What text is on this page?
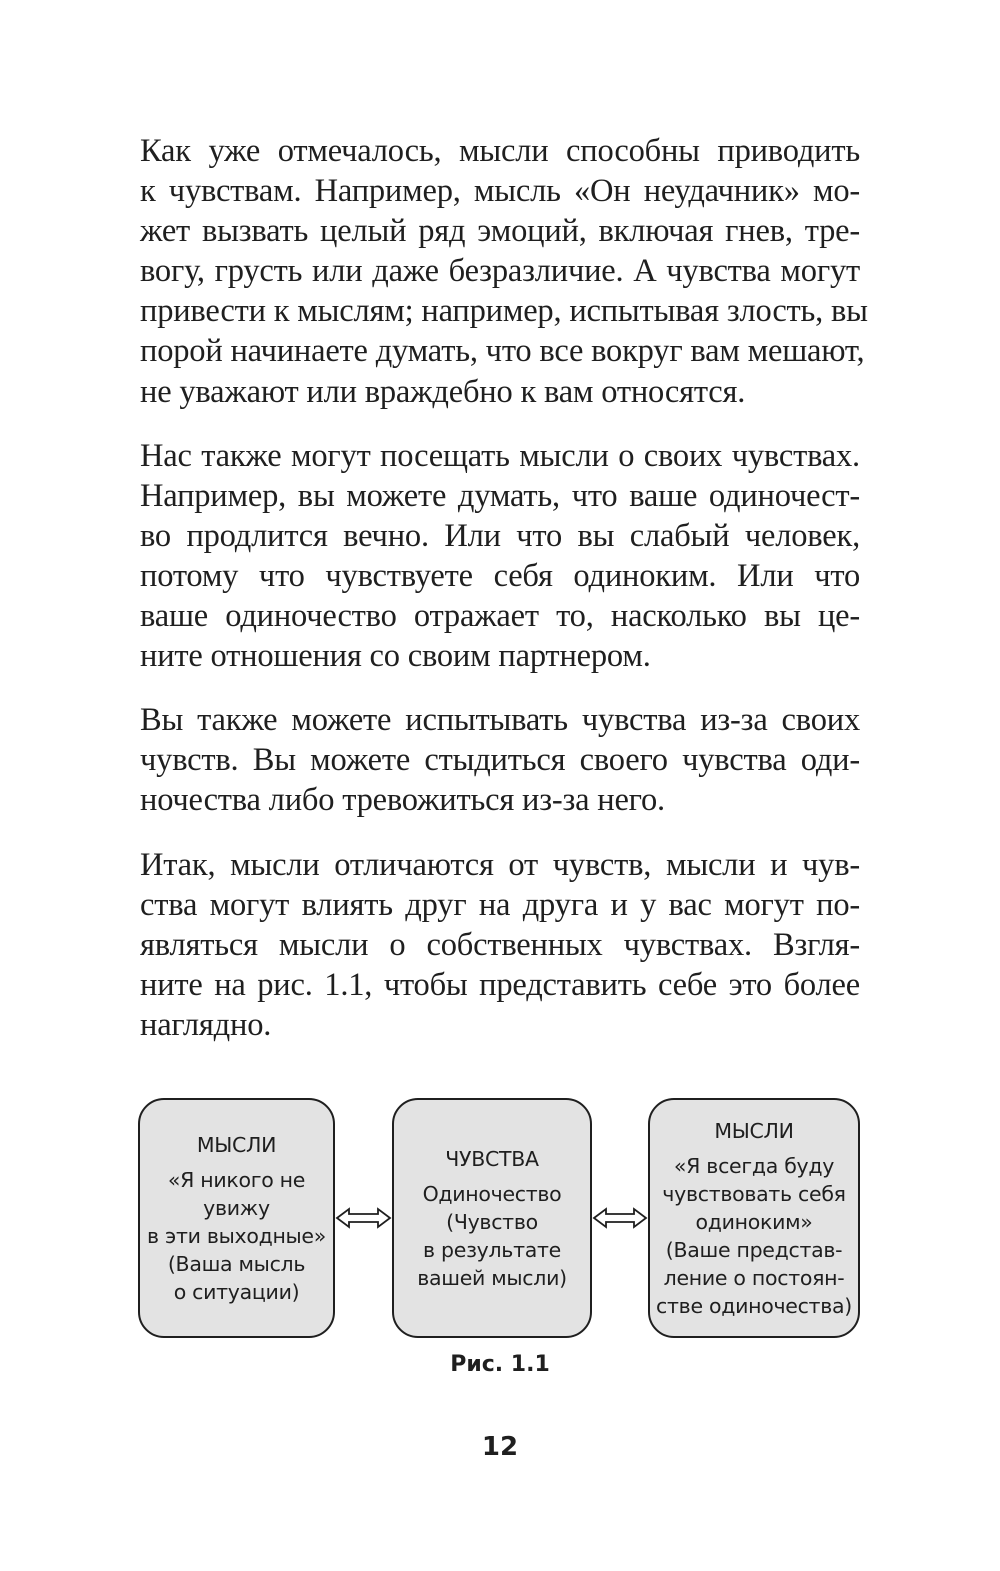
Как уже отмечалось, мысли способны приводить
к чувствам. Например, мысль «Он неудачник» мо-
жет вызвать целый ряд эмоций, включая гнев, тре-
вогу, грусть или даже безразличие. А чувства могут
привести к мыслям; например, испытывая злость, вы
порой начинаете думать, что все вокруг вам мешают,
не уважают или враждебно к вам относятся.

Нас также могут посещать мысли о своих чувствах.
Например, вы можете думать, что ваше одиночест-
во продлится вечно. Или что вы слабый человек,
потому что чувствуете себя одиноким. Или что
ваше одиночество отражает то, насколько вы це-
ните отношения со своим партнером.

Вы также можете испытывать чувства из-за своих
чувств. Вы можете стыдиться своего чувства оди-
ночества либо тревожиться из-за него.

Итак, мысли отличаются от чувств, мысли и чув-
ства могут влиять друг на друга и у вас могут по-
являться мысли о собственных чувствах. Взгля-
ните на рис. 1.1, чтобы представить себе это более
наглядно.

МЫСЛИ
«Я никого не
увижу
в эти выходные»
(Ваша мысль
о ситуации)
ЧУВСТВА
Одиночество
(Чувство
в результате
вашей мысли)
МЫСЛИ
«Я всегда буду
чувствовать себя
одиноким»
(Ваше представ-
ление о постоян-
стве одиночества)
Рис. 1.1
12
